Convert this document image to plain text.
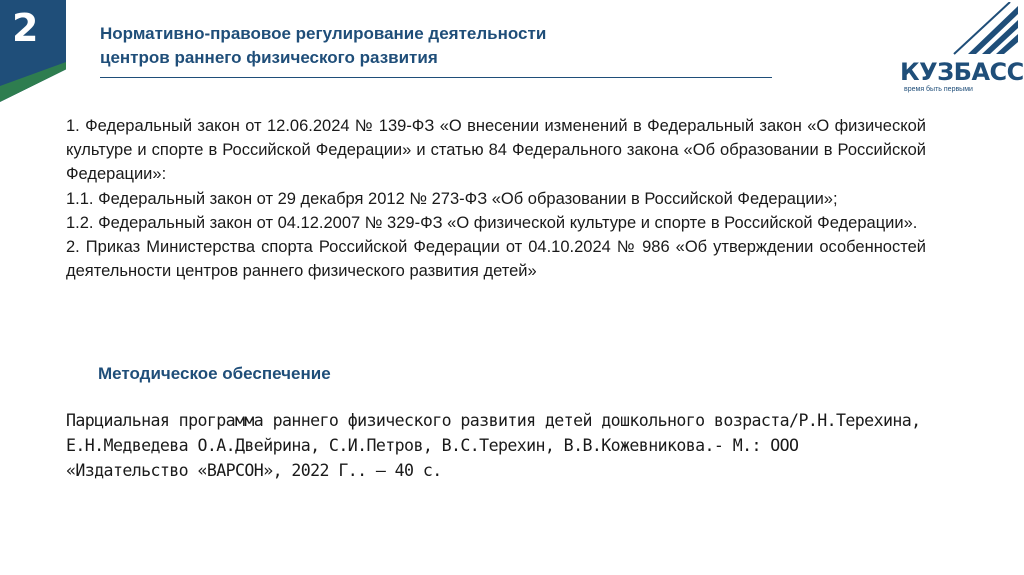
2	Нормативно-правовое регулирование деятельности
центров раннего физического развития
КУЗБАСС
время быть первыми

1. Федеральный закон от 12.06.2024 № 139-ФЗ «О внесении изменений в Федеральный закон «О физической культуре и спорте в Российской Федерации» и статью 84 Федерального закона «Об образовании в Российской Федерации»:

1.1. Федеральный закон от 29 декабря 2012 № 273-ФЗ «Об образовании в Российской Федерации»;

1.2. Федеральный закон от 04.12.2007 № 329-ФЗ «О физической культуре и спорте в Российской Федерации».

2. Приказ Министерства спорта Российской Федерации от 04.10.2024 № 986 «Об утверждении особенностей деятельности центров раннего физического развития детей»

Методическое обеспечение
Парциальная программа раннего физического развития детей дошкольного возраста/Р.Н.Терехина, Е.Н.Медведева О.А.Двейрина, С.И.Петров, В.С.Терехин, В.В.Кожевникова.- М.: ООО «Издательство «ВАРСОН», 2022 Г.. – 40 с.
